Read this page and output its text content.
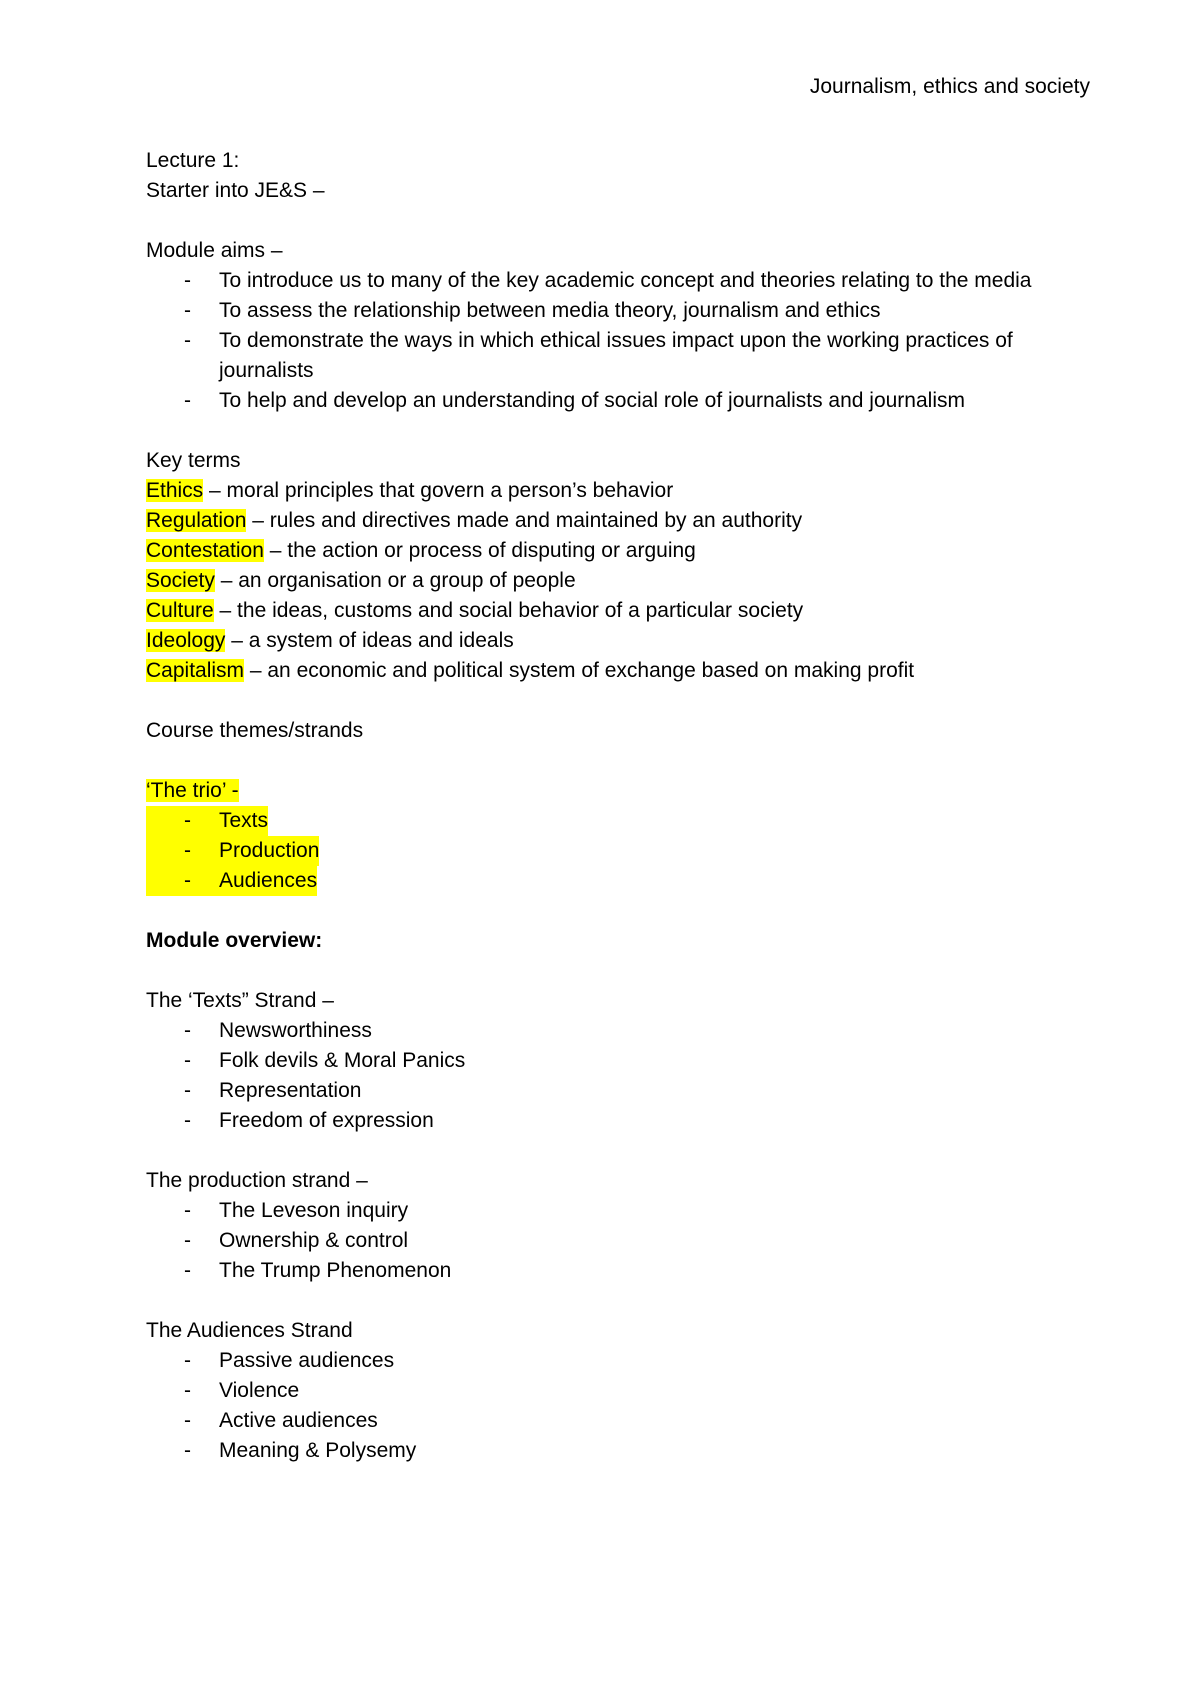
Journalism, ethics and society
Lecture 1:
Starter into JE&S –
Module aims –
- To introduce us to many of the key academic concept and theories relating to the media
- To assess the relationship between media theory, journalism and ethics
- To demonstrate the ways in which ethical issues impact upon the working practices of journalists
- To help and develop an understanding of social role of journalists and journalism
Key terms
Ethics – moral principles that govern a person’s behavior
Regulation – rules and directives made and maintained by an authority
Contestation – the action or process of disputing or arguing
Society – an organisation or a group of people
Culture – the ideas, customs and social behavior of a particular society
Ideology – a system of ideas and ideals
Capitalism – an economic and political system of exchange based on making profit
Course themes/strands
‘The trio’ -
- Texts
- Production
- Audiences
Module overview:
The ‘Texts” Strand –
- Newsworthiness
- Folk devils & Moral Panics
- Representation
- Freedom of expression
The production strand –
- The Leveson inquiry
- Ownership & control
- The Trump Phenomenon
The Audiences Strand
- Passive audiences
- Violence
- Active audiences
- Meaning & Polysemy
